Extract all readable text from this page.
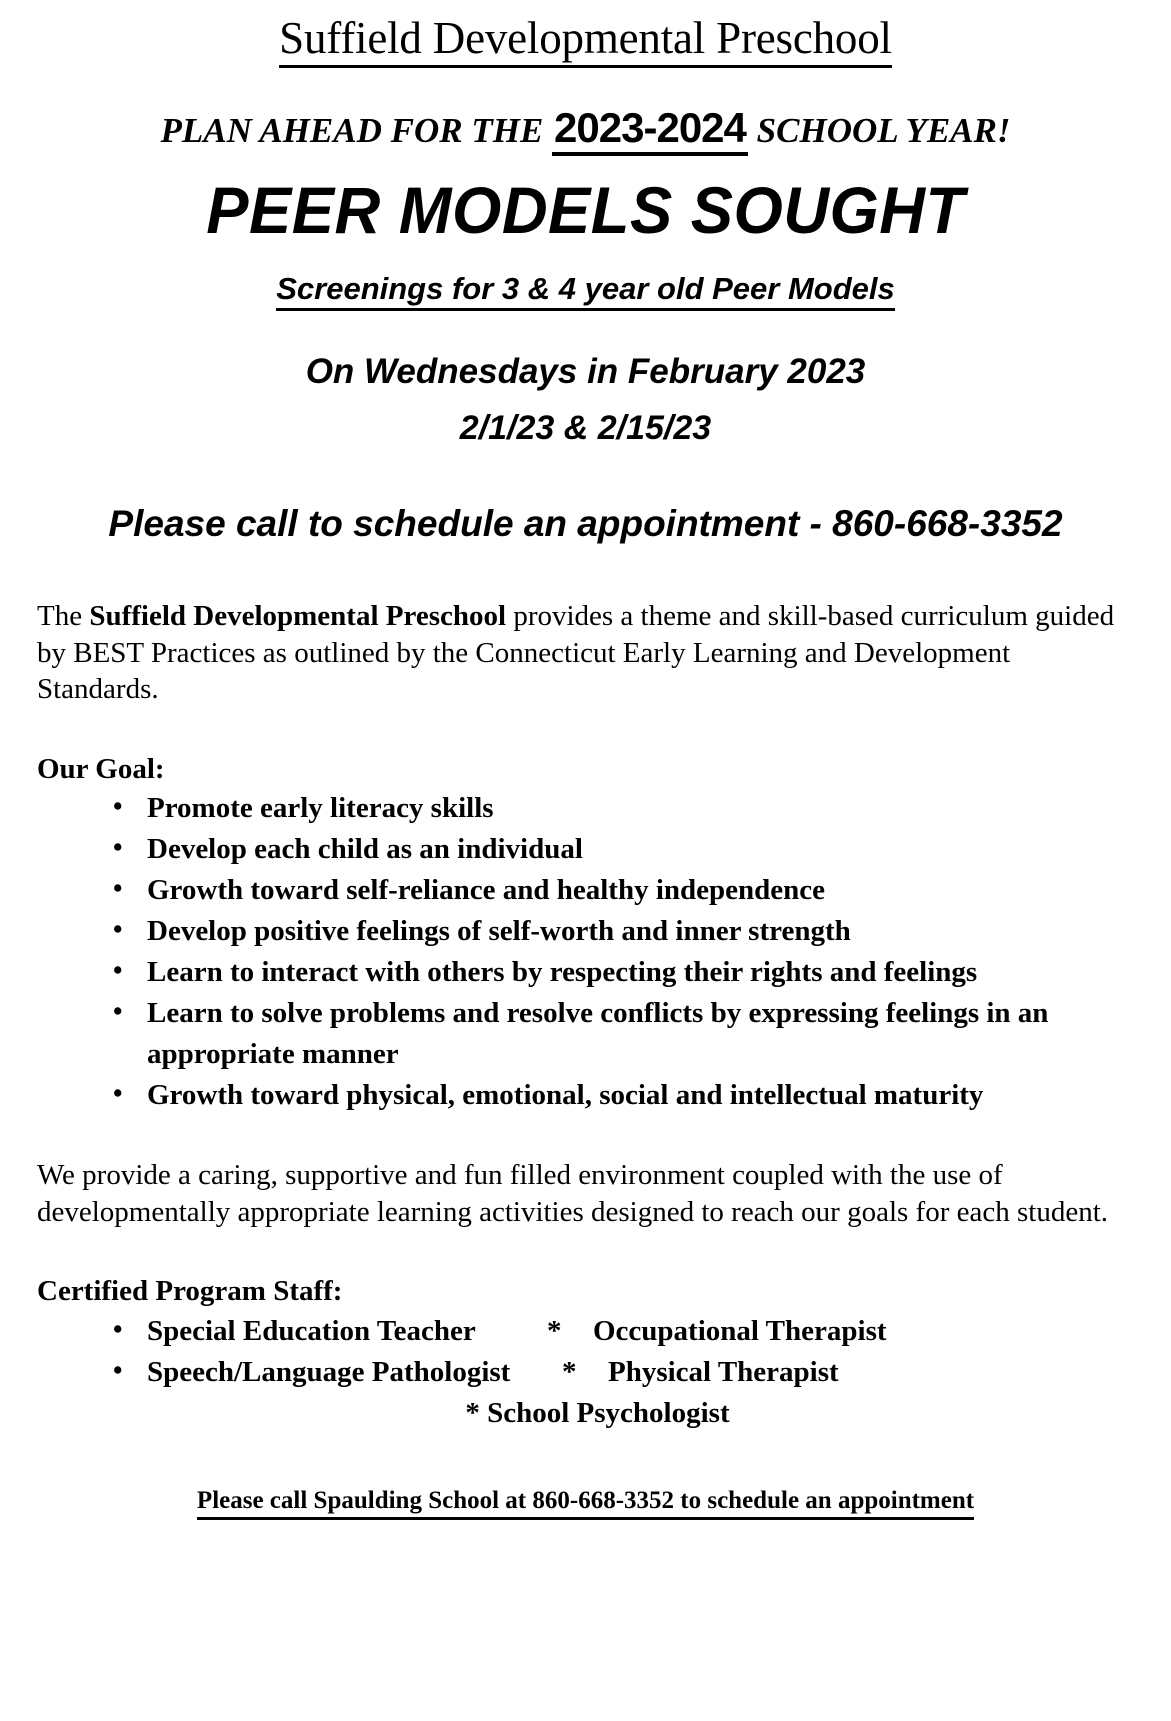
Suffield Developmental Preschool
PLAN AHEAD FOR THE 2023-2024 SCHOOL YEAR!
PEER MODELS SOUGHT
Screenings for 3 & 4 year old Peer Models
On Wednesdays in February 2023
2/1/23 & 2/15/23
Please call to schedule an appointment - 860-668-3352

The Suffield Developmental Preschool provides a theme and skill-based curriculum guided by BEST Practices as outlined by the Connecticut Early Learning and Development Standards.

Our Goal:
• Promote early literacy skills
• Develop each child as an individual
• Growth toward self-reliance and healthy independence
• Develop positive feelings of self-worth and inner strength
• Learn to interact with others by respecting their rights and feelings
• Learn to solve problems and resolve conflicts by expressing feelings in an appropriate manner
• Growth toward physical, emotional, social and intellectual maturity

We provide a caring, supportive and fun filled environment coupled with the use of developmentally appropriate learning activities designed to reach our goals for each student.

Certified Program Staff:
• Special Education Teacher	*	Occupational Therapist
• Speech/Language Pathologist	*	Physical Therapist
* School Psychologist
Please call Spaulding School at 860-668-3352 to schedule an appointment
